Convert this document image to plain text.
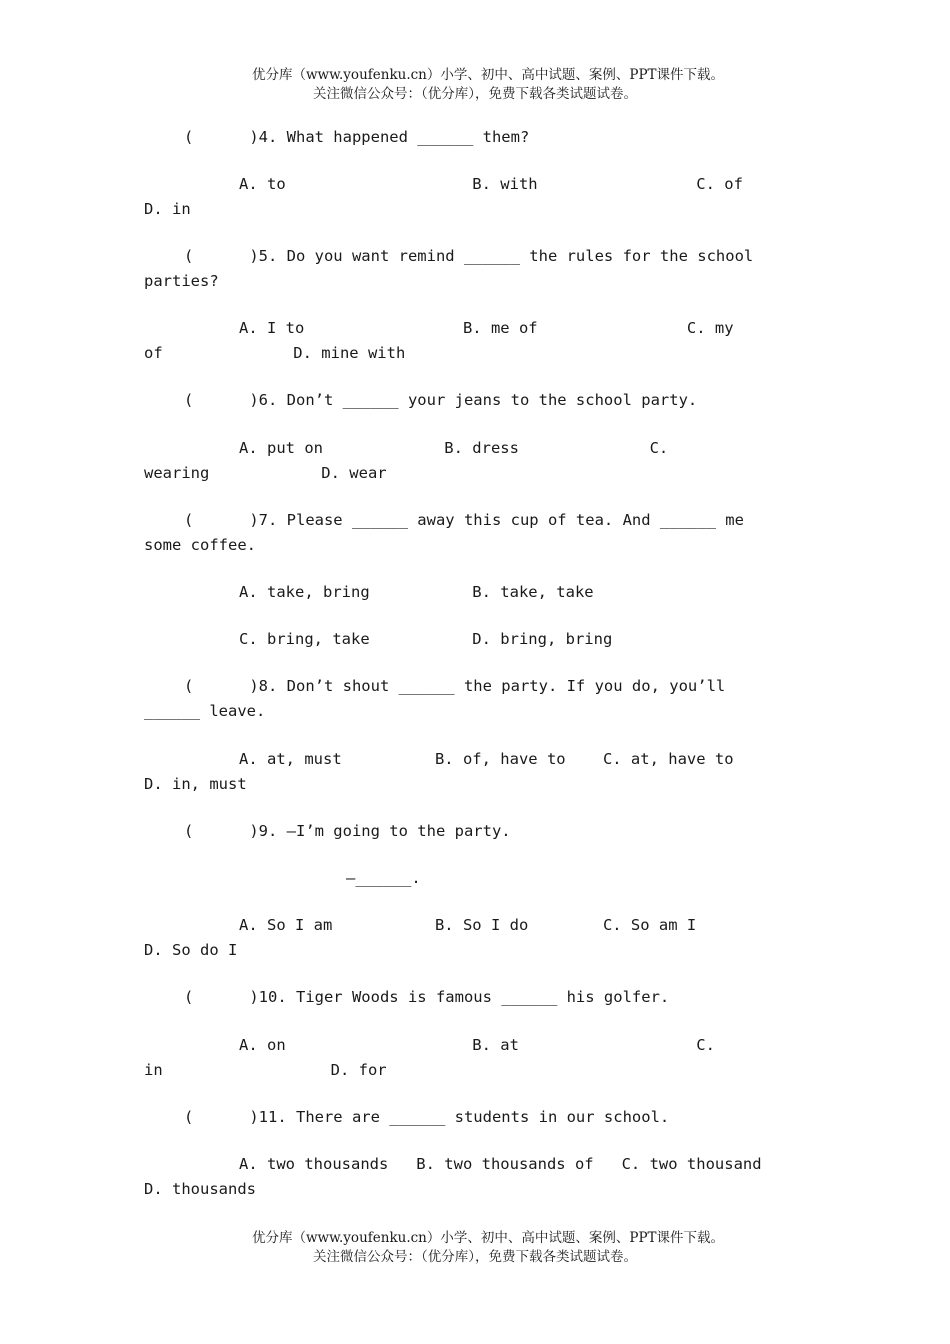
优分库（www.youfenku.cn）小学、初中、高中试题、案例、PPT课件下载。
关注微信公众号：（优分库），免费下载各类试题试卷。
(      )4. What happened ______ them?
A. to                    B. with                 C. of
D. in
(      )5. Do you want remind ______ the rules for the school
parties?
A. I to                 B. me of                C. my
of              D. mine with
(      )6. Don’t ______ your jeans to the school party.
A. put on             B. dress              C.
wearing            D. wear
(      )7. Please ______ away this cup of tea. And ______ me
some coffee.
A. take, bring           B. take, take
C. bring, take           D. bring, bring
(      )8. Don’t shout ______ the party. If you do, you’ll
______ leave.
A. at, must          B. of, have to    C. at, have to
D. in, must
(      )9. —I’m going to the party.
—______.
A. So I am           B. So I do        C. So am I
D. So do I
(      )10. Tiger Woods is famous ______ his golfer.
A. on                    B. at                   C.
in                  D. for
(      )11. There are ______ students in our school.
A. two thousands   B. two thousands of   C. two thousand
D. thousands
优分库（www.youfenku.cn）小学、初中、高中试题、案例、PPT课件下载。
关注微信公众号：（优分库），免费下载各类试题试卷。
